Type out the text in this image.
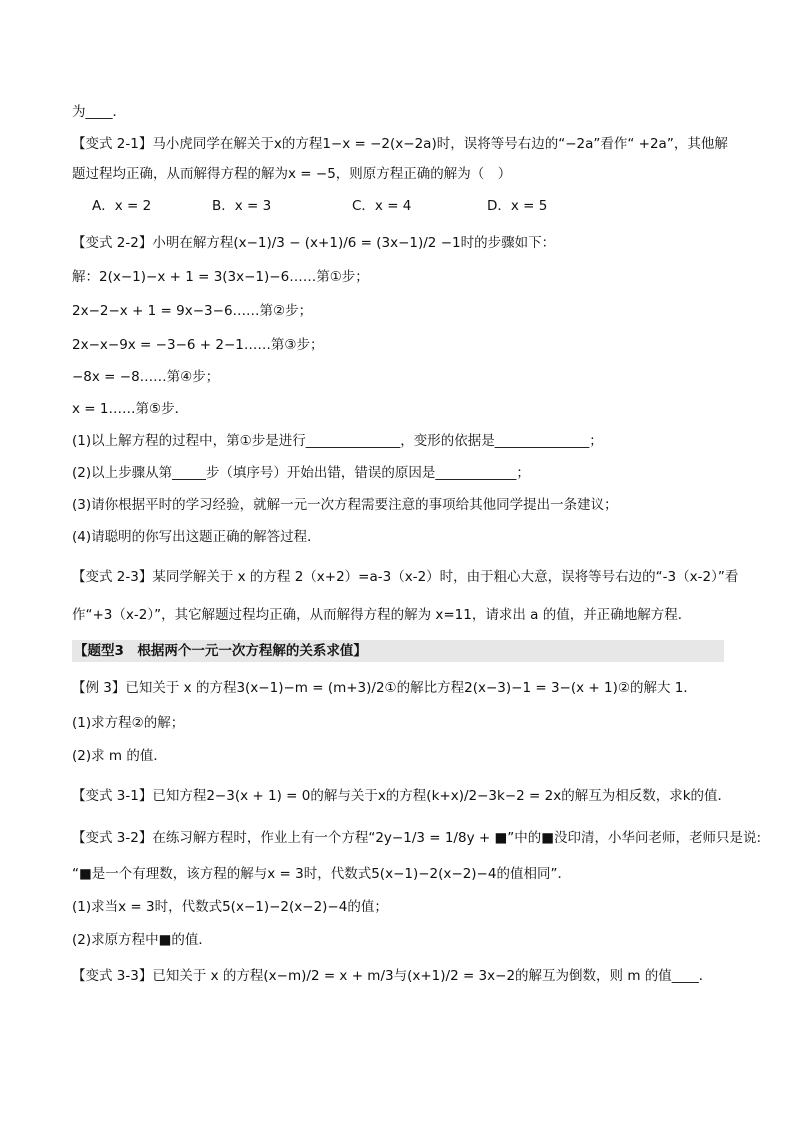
为____．
【变式 2-1】马小虎同学在解关于x的方程1−x = −2(x−2a)时，误将等号右边的“−2a”看作“ +2a”，其他解
题过程均正确，从而解得方程的解为x = −5，则原方程正确的解为（　）
A．x = 2	B．x = 3	C．x = 4	D．x = 5
【变式 2-2】小明在解方程(x−1)/3 − (x+1)/6 = (3x−1)/2 −1时的步骤如下：
解：2(x−1)−x + 1 = 3(3x−1)−6……第①步；
2x−2−x + 1 = 9x−3−6……第②步；
2x−x−9x = −3−6 + 2−1……第③步；
−8x = −8……第④步；
x = 1……第⑤步．
(1)以上解方程的过程中，第①步是进行______________，变形的依据是______________；
(2)以上步骤从第_____步（填序号）开始出错，错误的原因是____________；
(3)请你根据平时的学习经验，就解一元一次方程需要注意的事项给其他同学提出一条建议；
(4)请聪明的你写出这题正确的解答过程．
【变式 2-3】某同学解关于 x 的方程 2（x+2）=a-3（x-2）时，由于粗心大意，误将等号右边的“-3（x-2）”看
作“+3（x-2）”，其它解题过程均正确，从而解得方程的解为 x=11，请求出 a 的值，并正确地解方程．
【题型3　根据两个一元一次方程解的关系求值】
【例 3】已知关于 x 的方程3(x−1)−m = (m+3)/2①的解比方程2(x−3)−1 = 3−(x + 1)②的解大 1．
(1)求方程②的解；
(2)求 m 的值．
【变式 3-1】已知方程2−3(x + 1) = 0的解与关于x的方程(k+x)/2−3k−2 = 2x的解互为相反数，求k的值．
【变式 3-2】在练习解方程时，作业上有一个方程“2y−1/3 = 1/8y + ■”中的■没印清，小华问老师，老师只是说:
“■是一个有理数，该方程的解与x = 3时，代数式5(x−1)−2(x−2)−4的值相同”．
(1)求当x = 3时，代数式5(x−1)−2(x−2)−4的值；
(2)求原方程中■的值．
【变式 3-3】已知关于 x 的方程(x−m)/2 = x + m/3与(x+1)/2 = 3x−2的解互为倒数，则 m 的值____．
